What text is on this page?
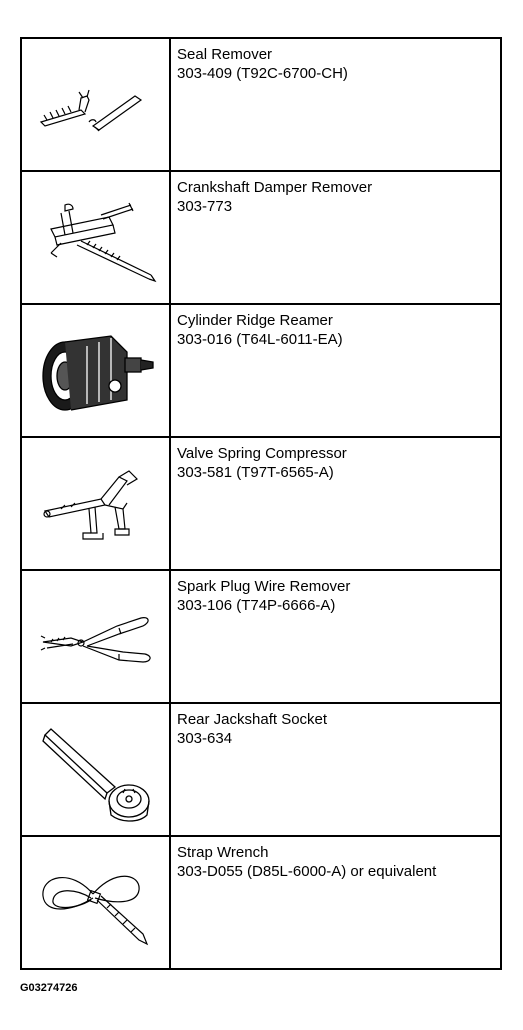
Seal Remover
303-409 (T92C-6700-CH)
Crankshaft Damper Remover
303-773
Cylinder Ridge Reamer
303-016 (T64L-6011-EA)
Valve Spring Compressor
303-581 (T97T-6565-A)
Spark Plug Wire Remover
303-106 (T74P-6666-A)
Rear Jackshaft Socket
303-634
Strap Wrench
303-D055 (D85L-6000-A) or equivalent
G03274726
